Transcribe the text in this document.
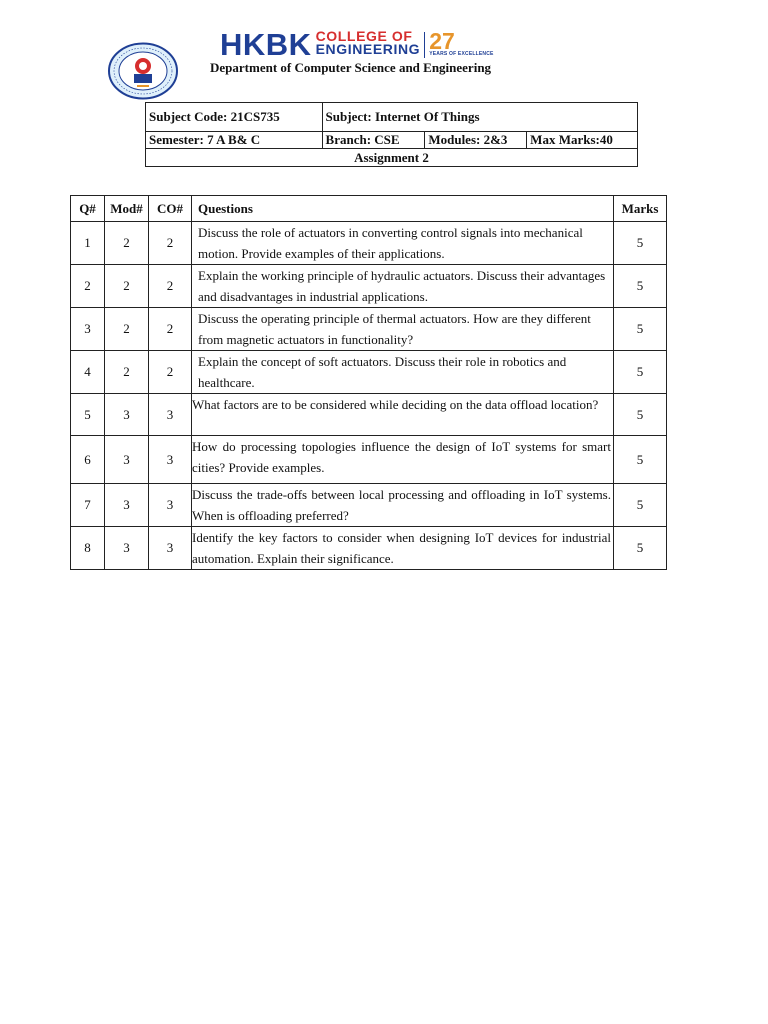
HKBK COLLEGE OF
ENGINEERING 27
YEARS OF EXCELLENCE
Department of Computer Science and Engineering
Subject Code: 21CS735	Subject: Internet Of Things		
Semester: 7 A B& C	Branch: CSE	Modules: 2&3	Max Marks:40
Assignment 2			
Q#	Mod#	CO#	Questions	Marks
1	2	2	Discuss the role of actuators in converting control signals into mechanical motion. Provide examples of their applications.	5
2	2	2	Explain the working principle of hydraulic actuators. Discuss their advantages and disadvantages in industrial applications.	5
3	2	2	Discuss the operating principle of thermal actuators. How are they different from magnetic actuators in functionality?	5
4	2	2	Explain the concept of soft actuators. Discuss their role in robotics and healthcare.	5
5	3	3	What factors are to be considered while deciding on the data offload location?	5
6	3	3	How do processing topologies influence the design of IoT systems for smart cities? Provide examples.	5
7	3	3	Discuss the trade-offs between local processing and offloading in IoT systems. When is offloading preferred?	5
8	3	3	Identify the key factors to consider when designing IoT devices for industrial automation. Explain their significance.	5
